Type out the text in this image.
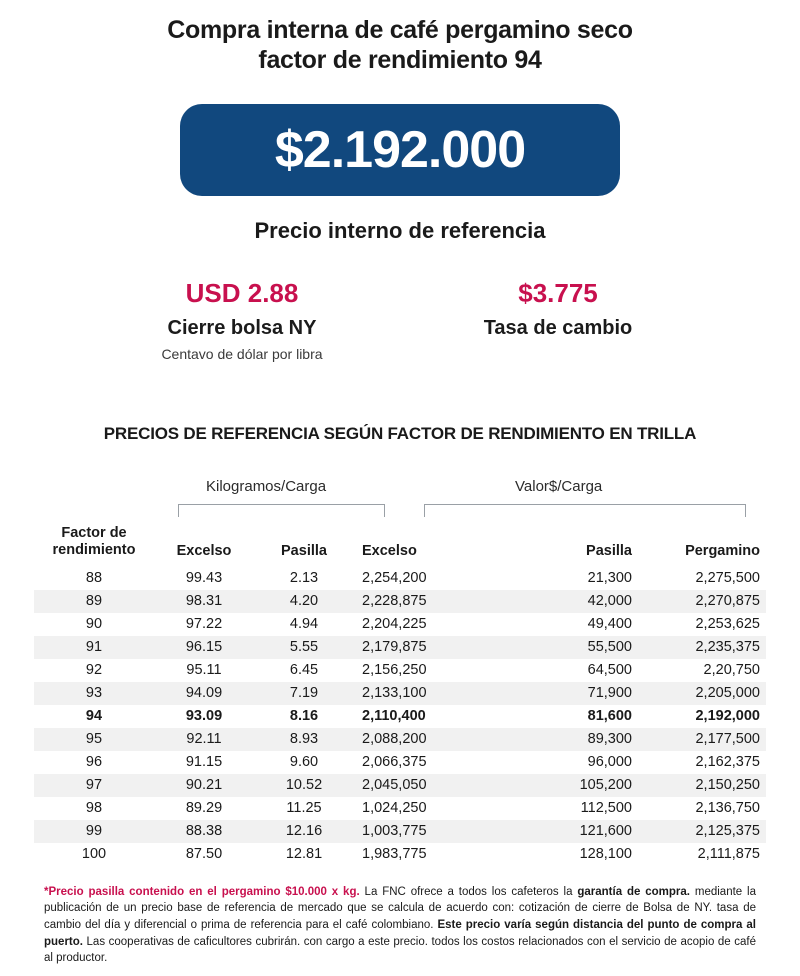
Compra interna de café pergamino seco
factor de rendimiento 94
$2.192.000
Precio interno de referencia
USD 2.88
Cierre bolsa NY
Centavo de dólar por libra
$3.775
Tasa de cambio
PRECIOS DE REFERENCIA SEGÚN FACTOR DE RENDIMIENTO EN TRILLA
Kilogramos/Carga	Valor$/Carga
Factor de rendimiento	Excelso	Pasilla	Excelso	Pasilla	Pergamino
88	99.43	2.13	2,254,200	21,300	2,275,500
89	98.31	4.20	2,228,875	42,000	2,270,875
90	97.22	4.94	2,204,225	49,400	2,253,625
91	96.15	5.55	2,179,875	55,500	2,235,375
92	95.11	6.45	2,156,250	64,500	2,20,750
93	94.09	7.19	2,133,100	71,900	2,205,000
94	93.09	8.16	2,110,400	81,600	2,192,000
95	92.11	8.93	2,088,200	89,300	2,177,500
96	91.15	9.60	2,066,375	96,000	2,162,375
97	90.21	10.52	2,045,050	105,200	2,150,250
98	89.29	11.25	1,024,250	112,500	2,136,750
99	88.38	12.16	1,003,775	121,600	2,125,375
100	87.50	12.81	1,983,775	128,100	2,111,875
*Precio pasilla contenido en el pergamino $10.000 x kg. La FNC ofrece a todos los cafeteros la garantía de compra. mediante la publicación de un precio base de referencia de mercado que se calcula de acuerdo con: cotización de cierre de Bolsa de NY. tasa de cambio del día y diferencial o prima de referencia para el café colombiano. Este precio varía según distancia del punto de compra al puerto. Las cooperativas de caficultores cubrirán. con cargo a este precio. todos los costos relacionados con el servicio de acopio de café al productor.
